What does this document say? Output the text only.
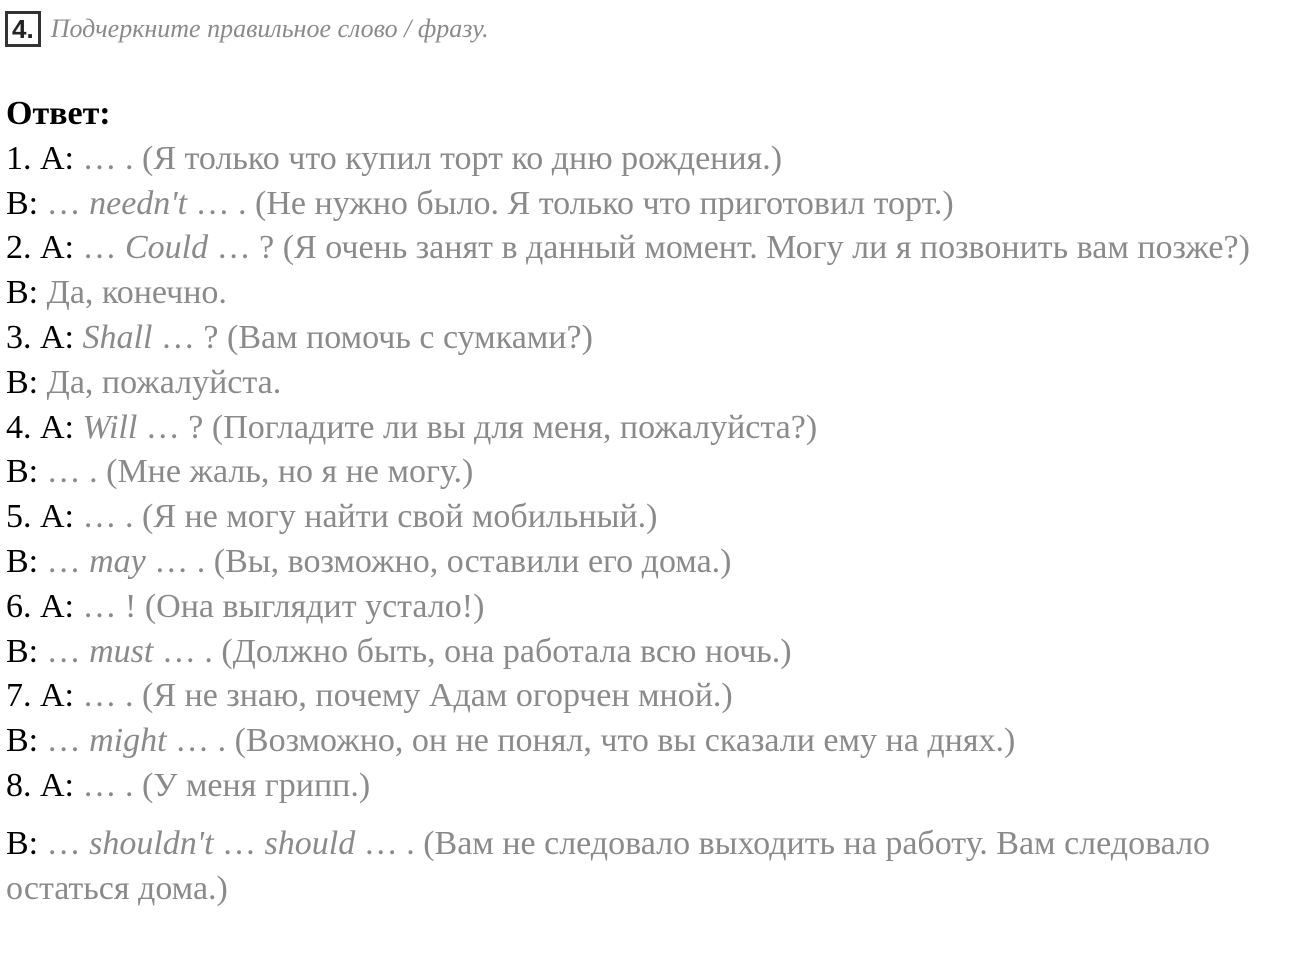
4. Подчеркните правильное слово / фразу.
Ответ:
1. А: … . (Я только что купил торт ко дню рождения.)
B: … needn't … . (Не нужно было. Я только что приготовил торт.)
2. А: … Could … ? (Я очень занят в данный момент. Могу ли я позвонить вам позже?)
B: Да, конечно.
3. А: Shall … ? (Вам помочь с сумками?)
B: Да, пожалуйста.
4. А: Will … ? (Погладите ли вы для меня, пожалуйста?)
B: … . (Мне жаль, но я не могу.)
5. А: … . (Я не могу найти свой мобильный.)
B: … may … . (Вы, возможно, оставили его дома.)
6. А: … ! (Она выглядит устало!)
B: … must … . (Должно быть, она работала всю ночь.)
7. А: … . (Я не знаю, почему Адам огорчен мной.)
B: … might … . (Возможно, он не понял, что вы сказали ему на днях.)
8. А: … . (У меня грипп.)
B: … shouldn't … should … . (Вам не следовало выходить на работу. Вам следовало остаться дома.)
